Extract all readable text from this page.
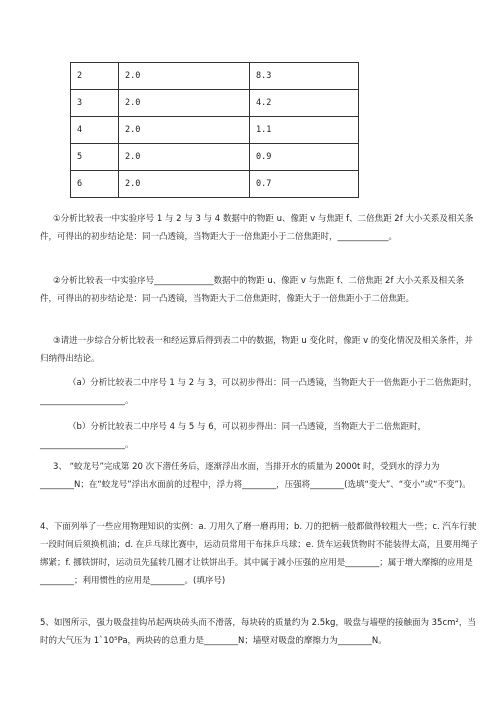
2	2.0	8.3
3	2.0	4.2
4	2.0	1.1
5	2.0	0.9
6	2.0	0.7
①分析比较表一中实验序号 1 与 2 与 3 与 4 数据中的物距 u、像距 v 与焦距 f、二倍焦距 2f 大小关系及相关条件，可得出的初步结论是：同一凸透镜，当物距大于一倍焦距小于二倍焦距时，____________。
②分析比较表一中实验序号______________数据中的物距 u、像距 v 与焦距 f、二倍焦距 2f 大小关系及相关条件，可得出的初步结论是：同一凸透镜，当物距大于二倍焦距时，像距大于一倍焦距小于二倍焦距。
③请进一步综合分析比较表一和经运算后得到表二中的数据，物距 u 变化时，像距 v 的变化情况及相关条件，并归纳得出结论。
（a）分析比较表二中序号 1 与 2 与 3，可以初步得出：同一凸透镜，当物距大于一倍焦距小于二倍焦距时，____________________。
（b）分析比较表二中序号 4 与 5 与 6，可以初步得出：同一凸透镜，当物距大于二倍焦距时，____________________。
3、 “蛟龙号”完成第 20 次下潜任务后，逐渐浮出水面，当排开水的质量为 2000t 时，受到水的浮力为________N；在“蛟龙号”浮出水面前的过程中，浮力将________，压强将________(选填“变大”、“变小”或“不变”)。
4、下面列举了一些应用物理知识的实例：a. 刀用久了磨一磨再用；b. 刀的把柄一般都做得较粗大一些；c. 汽车行驶一段时间后须换机油；d. 在乒乓球比赛中，运动员常用干布抹乒乓球；e. 货车运载货物时不能装得太高，且要用绳子绑紧；f. 挪铁饼时，运动员先猛转几圈才让铁饼出手。其中属于减小压强的应用是________；属于增大摩擦的应用是________；利用惯性的应用是________。(填序号)
5、如图所示，强力吸盘挂钩吊起两块砖头而不滑落，每块砖的质量约为 2.5kg，吸盘与墙壁的接触面为 35cm²，当时的大气压为 1`10⁵Pa，两块砖的总重力是________N；墙壁对吸盘的摩擦力为________N。
